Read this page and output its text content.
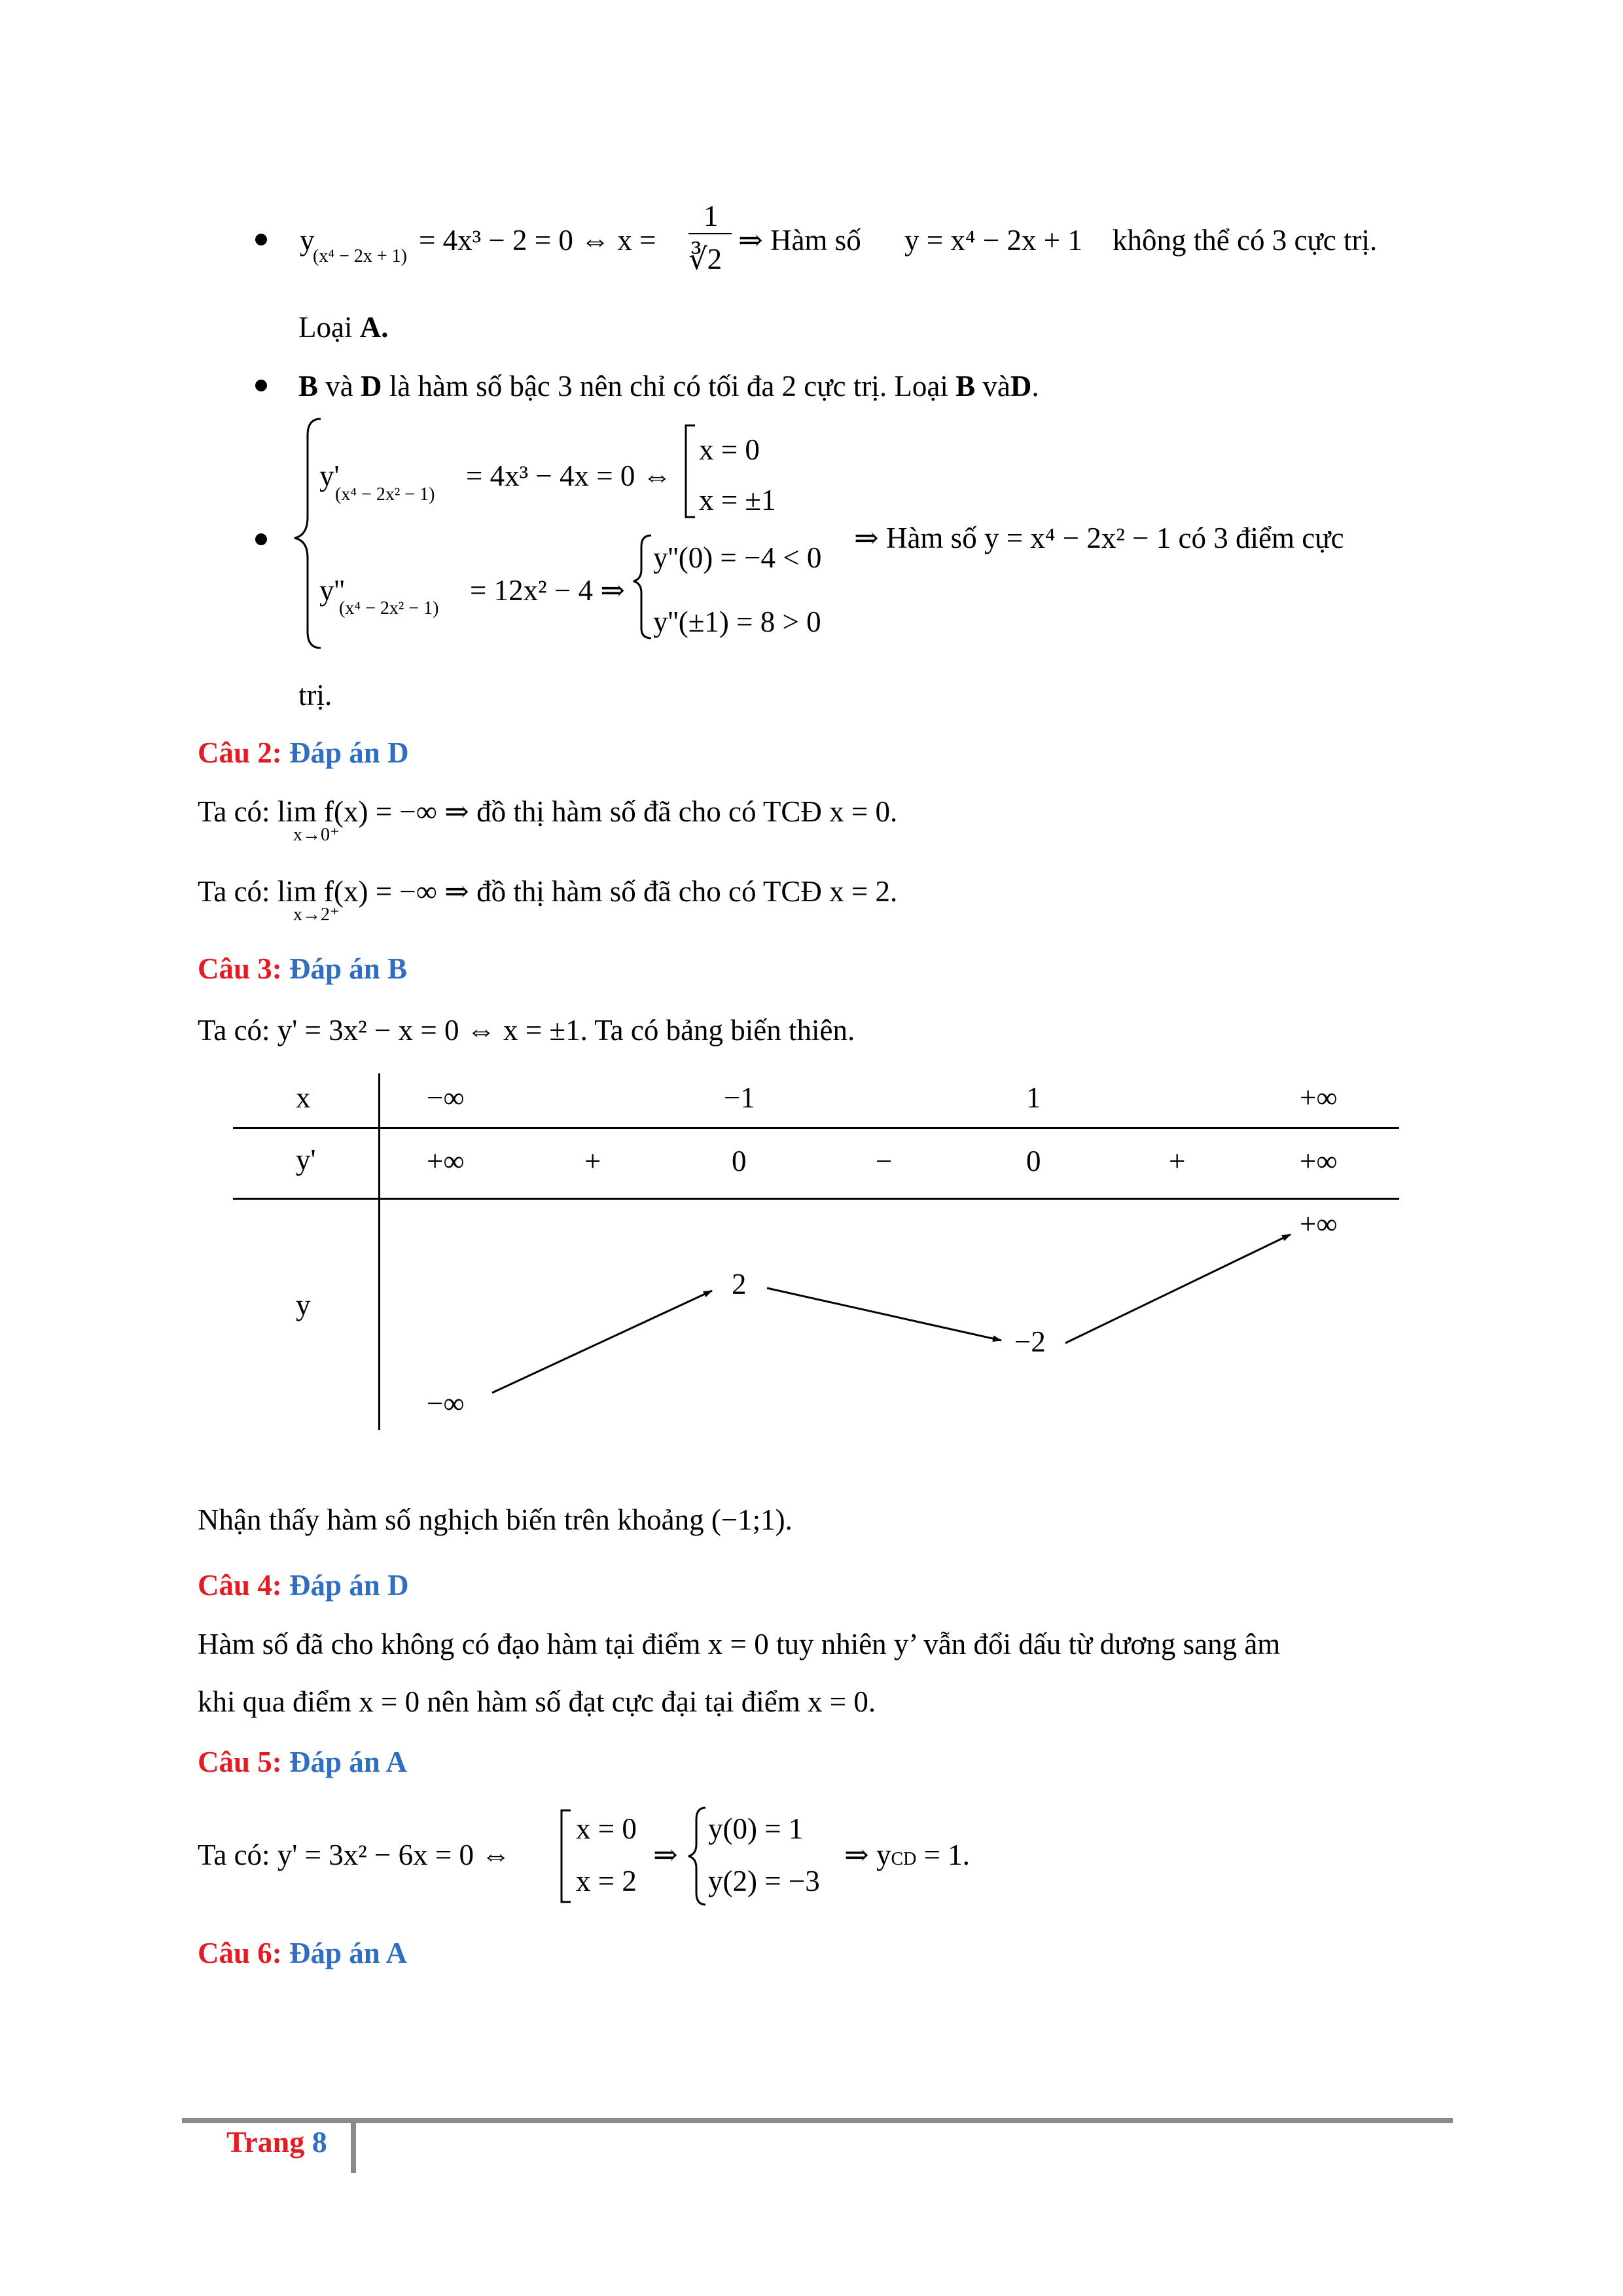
y
(x⁴ − 2x + 1) = 4x³ − 2 = 0 ⇔ x =
1
∛2
⇒ Hàm số y = x⁴ − 2x + 1 không thể có 3 cực trị.
Loại A.
B và D là hàm số bậc 3 nên chỉ có tối đa 2 cực trị. Loại B vàD.
y'
(x⁴ − 2x² − 1)
= 4x³ − 4x = 0 ⇔
x = 0
x = ±1
y''
(x⁴ − 2x² − 1)
= 12x² − 4 ⇒
y''(0) = −4 < 0
y''(±1) = 8 > 0
⇒ Hàm số y = x⁴ − 2x² − 1 có 3 điểm cực
trị.
Câu 2: Đáp án D
Ta có: lim f(x) = −∞ ⇒ đồ thị hàm số đã cho có TCĐ x = 0.
x→0⁺
Ta có: lim f(x) = −∞ ⇒ đồ thị hàm số đã cho có TCĐ x = 2.
x→2⁺
Câu 3: Đáp án B
Ta có: y' = 3x² − x = 0 ⇔ x = ±1. Ta có bảng biến thiên.
x	−∞	−1	1	+∞
y'	+∞	+	0	−	0	+	+∞
y
+∞
2
−2
−∞
Nhận thấy hàm số nghịch biến trên khoảng (−1;1).
Câu 4: Đáp án D
Hàm số đã cho không có đạo hàm tại điểm x = 0 tuy nhiên y’ vẫn đổi dấu từ dương sang âm
khi qua điểm x = 0 nên hàm số đạt cực đại tại điểm x = 0.
Câu 5: Đáp án A
Ta có: y' = 3x² − 6x = 0 ⇔
x = 0
x = 2
⇒
y(0) = 1
y(2) = −3
⇒ yCD = 1.
Câu 6: Đáp án A
Trang 8
